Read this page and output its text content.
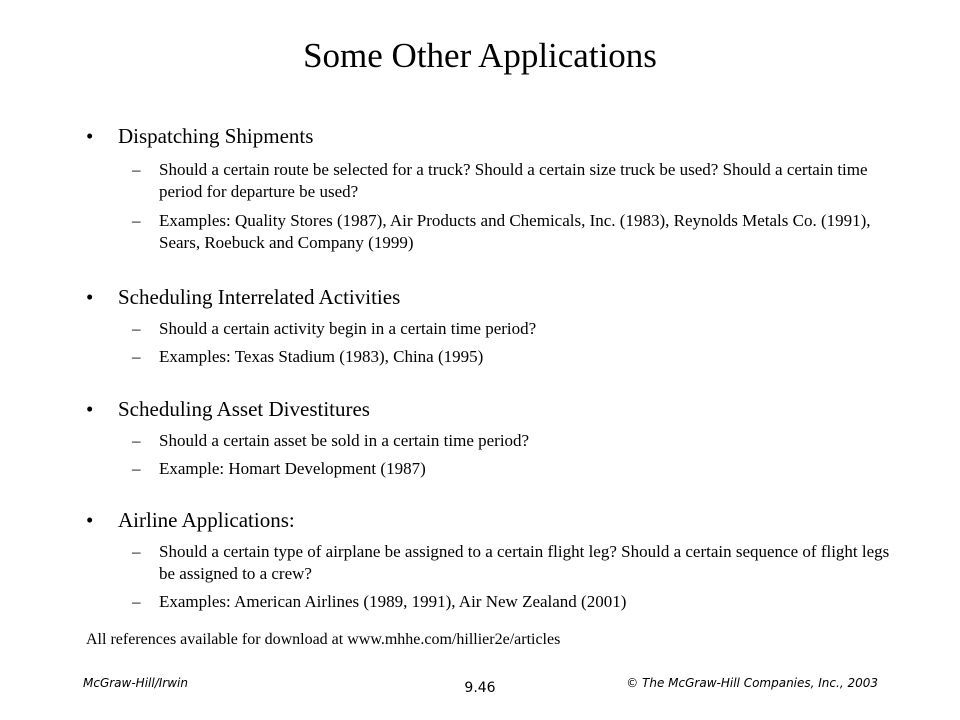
Some Other Applications
• Dispatching Shipments
– Should a certain route be selected for a truck? Should a certain size truck be used? Should a certain time period for departure be used?
– Examples: Quality Stores (1987), Air Products and Chemicals, Inc. (1983), Reynolds Metals Co. (1991), Sears, Roebuck and Company (1999)
• Scheduling Interrelated Activities
– Should a certain activity begin in a certain time period?
– Examples: Texas Stadium (1983), China (1995)
• Scheduling Asset Divestitures
– Should a certain asset be sold in a certain time period?
– Example: Homart Development (1987)
• Airline Applications:
– Should a certain type of airplane be assigned to a certain flight leg? Should a certain sequence of flight legs be assigned to a crew?
– Examples: American Airlines (1989, 1991), Air New Zealand (2001)
All references available for download at www.mhhe.com/hillier2e/articles
McGraw-Hill/Irwin	9.46	© The McGraw-Hill Companies, Inc., 2003
